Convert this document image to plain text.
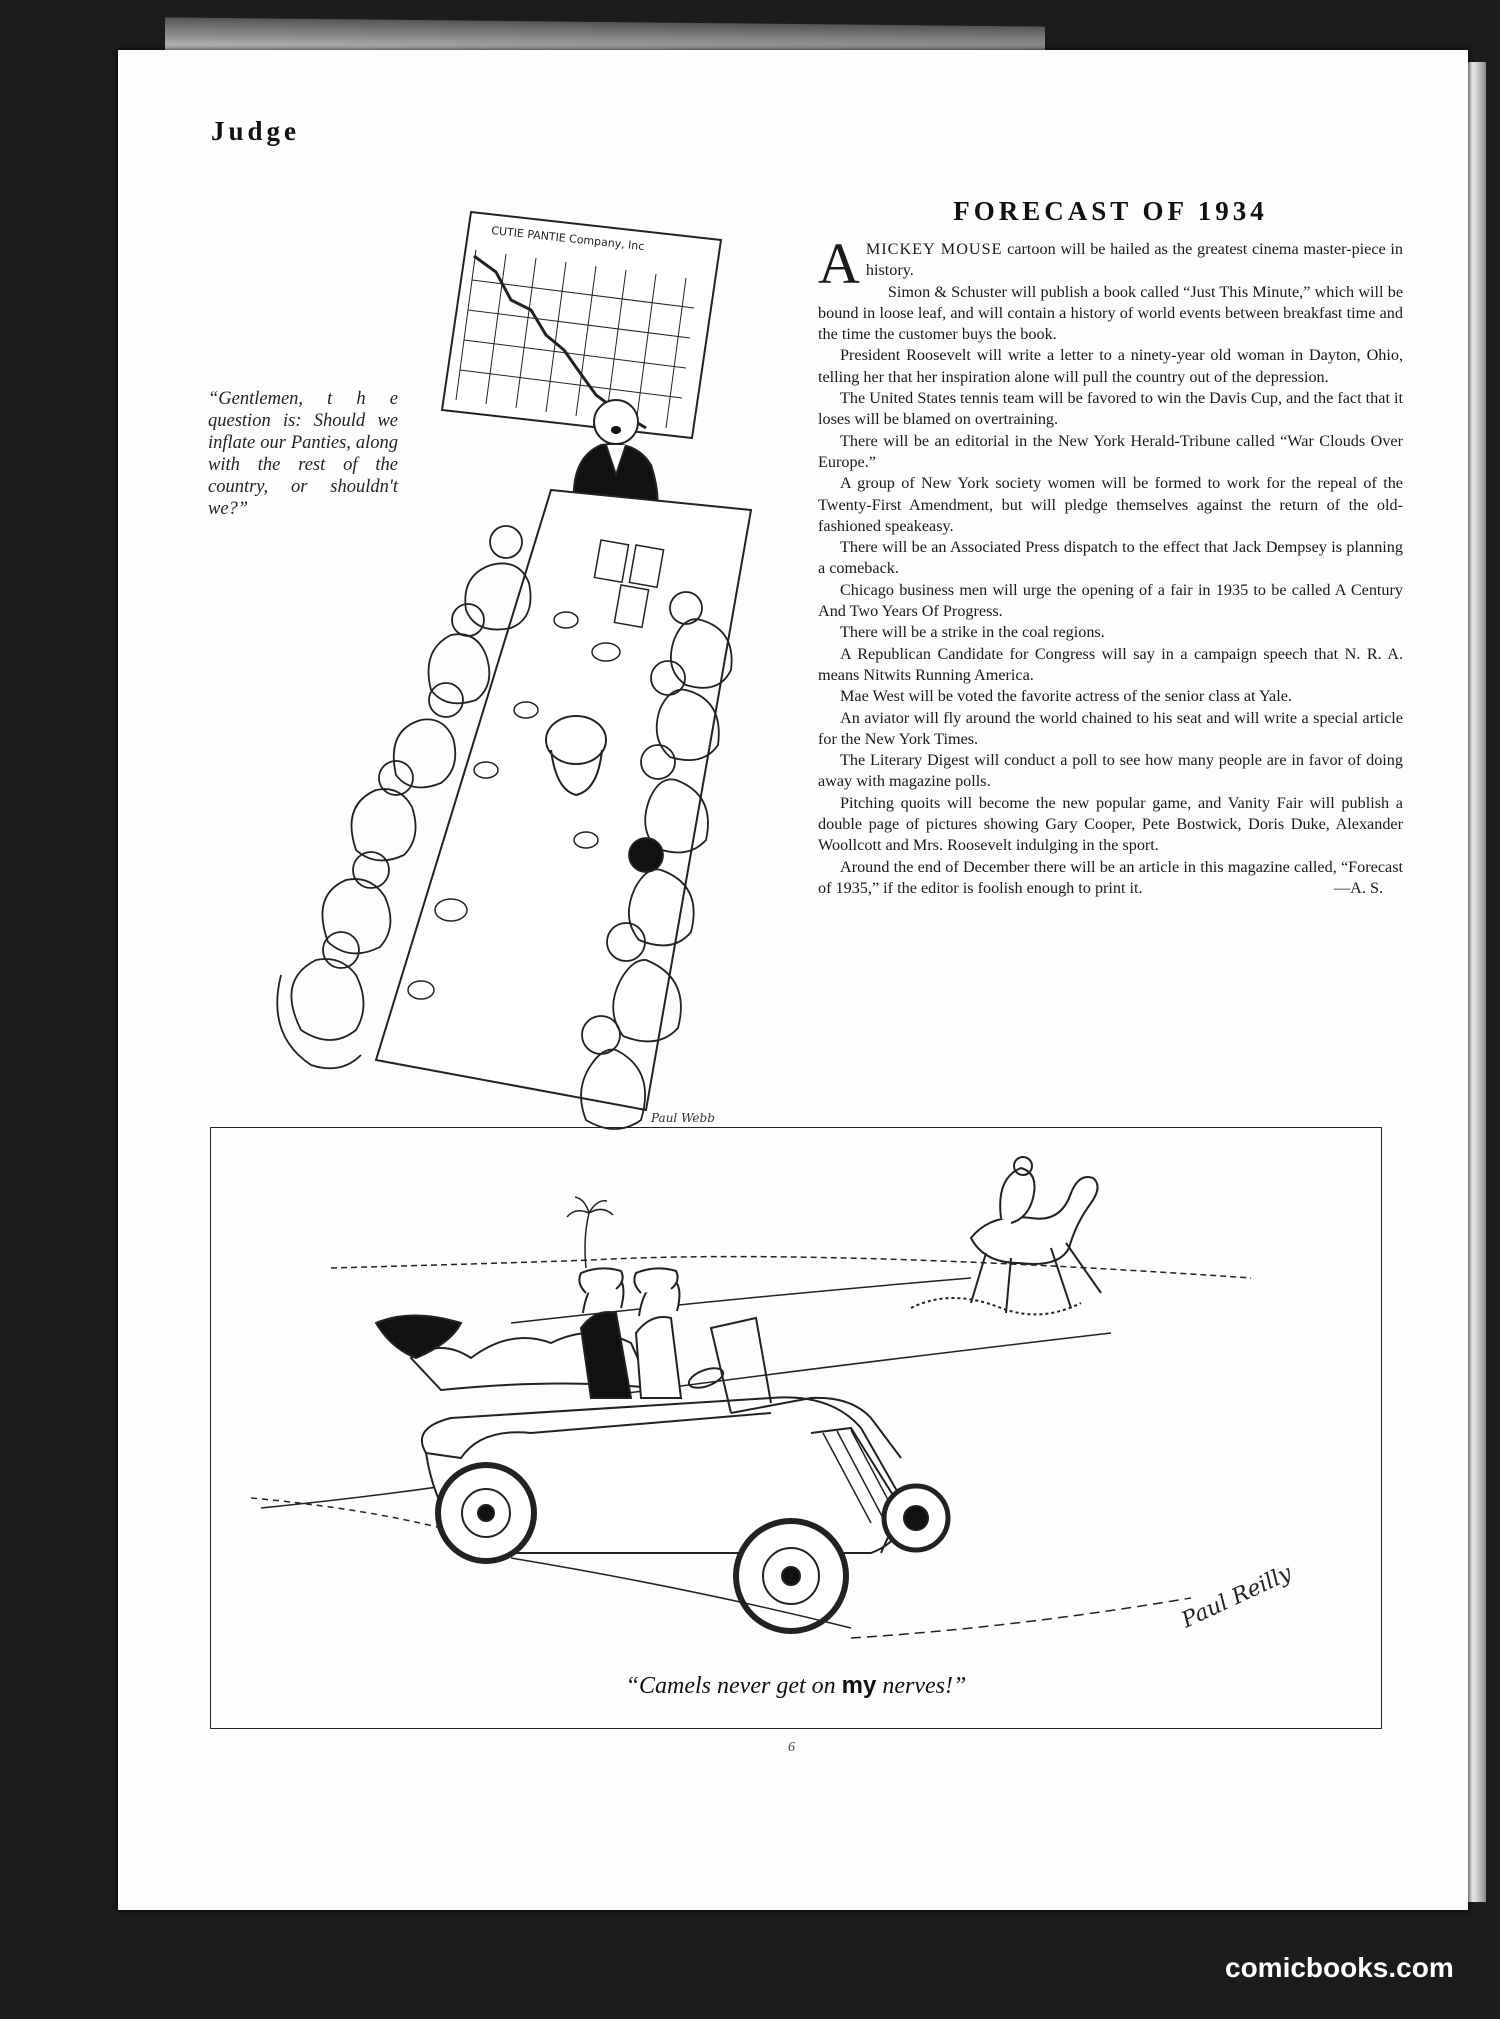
Judge
CUTIE PANTIE Company, Inc
Paul Webb

“Gentlemen, t h e question is: Should we inflate our Panties, along with the rest of the country, or shouldn't we?”

FORECAST OF 1934

AMICKEY MOUSE cartoon will be hailed as the greatest cinema master-piece in history.

Simon & Schuster will publish a book called “Just This Minute,” which will be bound in loose leaf, and will contain a history of world events between breakfast time and the time the customer buys the book.

President Roosevelt will write a letter to a ninety-year old woman in Dayton, Ohio, telling her that her inspiration alone will pull the country out of the depression.

The United States tennis team will be favored to win the Davis Cup, and the fact that it loses will be blamed on overtraining.

There will be an editorial in the New York Herald-Tribune called “War Clouds Over Europe.”

A group of New York society women will be formed to work for the repeal of the Twenty-First Amendment, but will pledge themselves against the return of the old-fashioned speakeasy.

There will be an Associated Press dispatch to the effect that Jack Dempsey is planning a comeback.

Chicago business men will urge the opening of a fair in 1935 to be called A Century And Two Years Of Progress.

There will be a strike in the coal regions.

A Republican Candidate for Congress will say in a campaign speech that N. R. A. means Nitwits Running America.

Mae West will be voted the favorite actress of the senior class at Yale.

An aviator will fly around the world chained to his seat and will write a special article for the New York Times.

The Literary Digest will conduct a poll to see how many people are in favor of doing away with magazine polls.

Pitching quoits will become the new popular game, and Vanity Fair will publish a double page of pictures showing Gary Cooper, Pete Bostwick, Doris Duke, Alexander Woollcott and Mrs. Roosevelt indulging in the sport.

Around the end of December there will be an article in this magazine called, “Forecast of 1935,” if the editor is foolish enough to print it.	—A. S.

Paul Reilly
“Camels never get on my nerves!”
6
comicbooks.com
